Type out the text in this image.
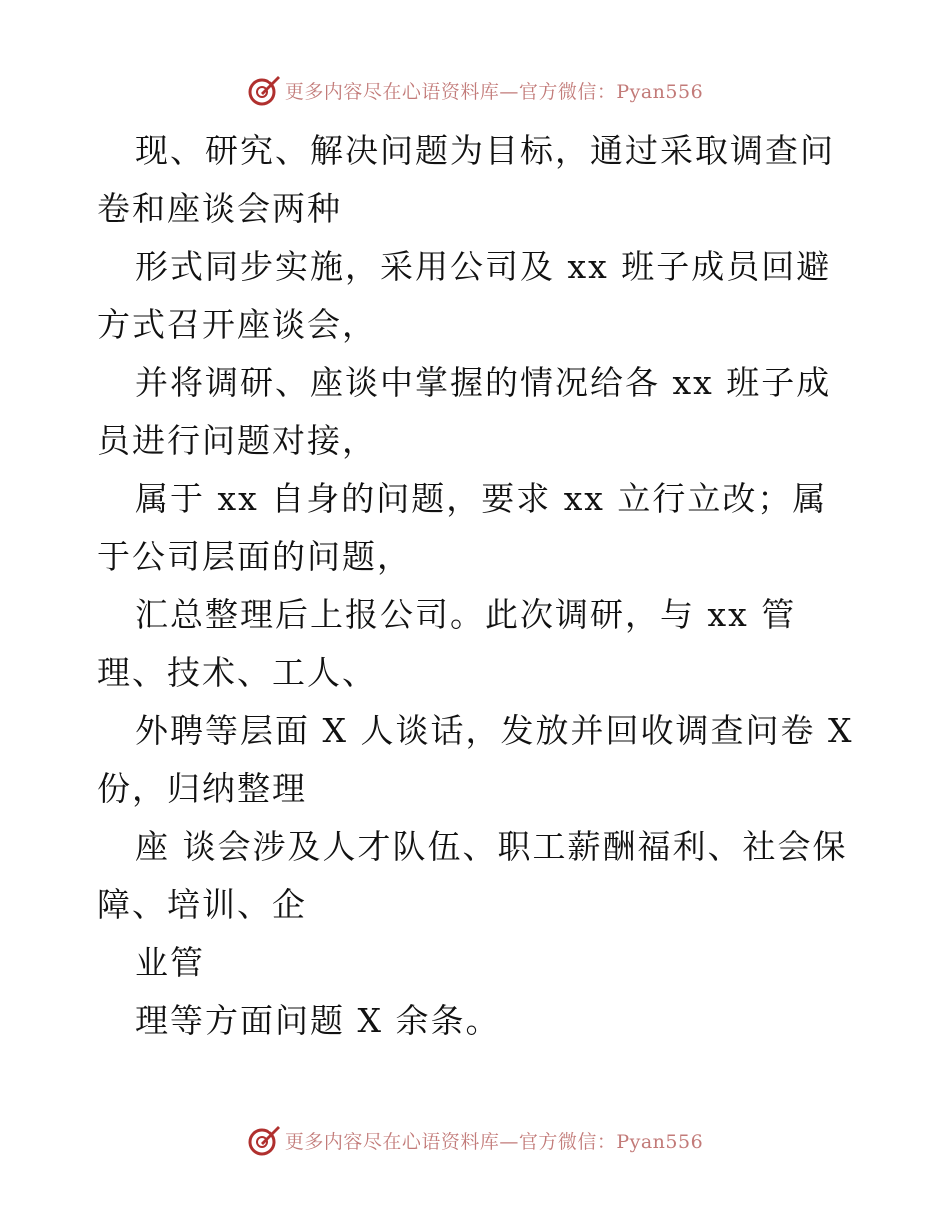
更多内容尽在心语资料库—官方微信：Pyan556

现、研究、解决问题为目标，通过采取调查问卷和座谈会两种

形式同步实施，采用公司及 xx 班子成员回避方式召开座谈会，

并将调研、座谈中掌握的情况给各 xx 班子成员进行问题对接，

属于 xx 自身的问题，要求 xx 立行立改；属于公司层面的问题，

汇总整理后上报公司。此次调研，与 xx 管理、技术、工人、

外聘等层面 X 人谈话，发放并回收调查问卷 X 份，归纳整理

座 谈会涉及人才队伍、职工薪酬福利、社会保障、培训、企

业管

理等方面问题 X 余条。

更多内容尽在心语资料库—官方微信：Pyan556
